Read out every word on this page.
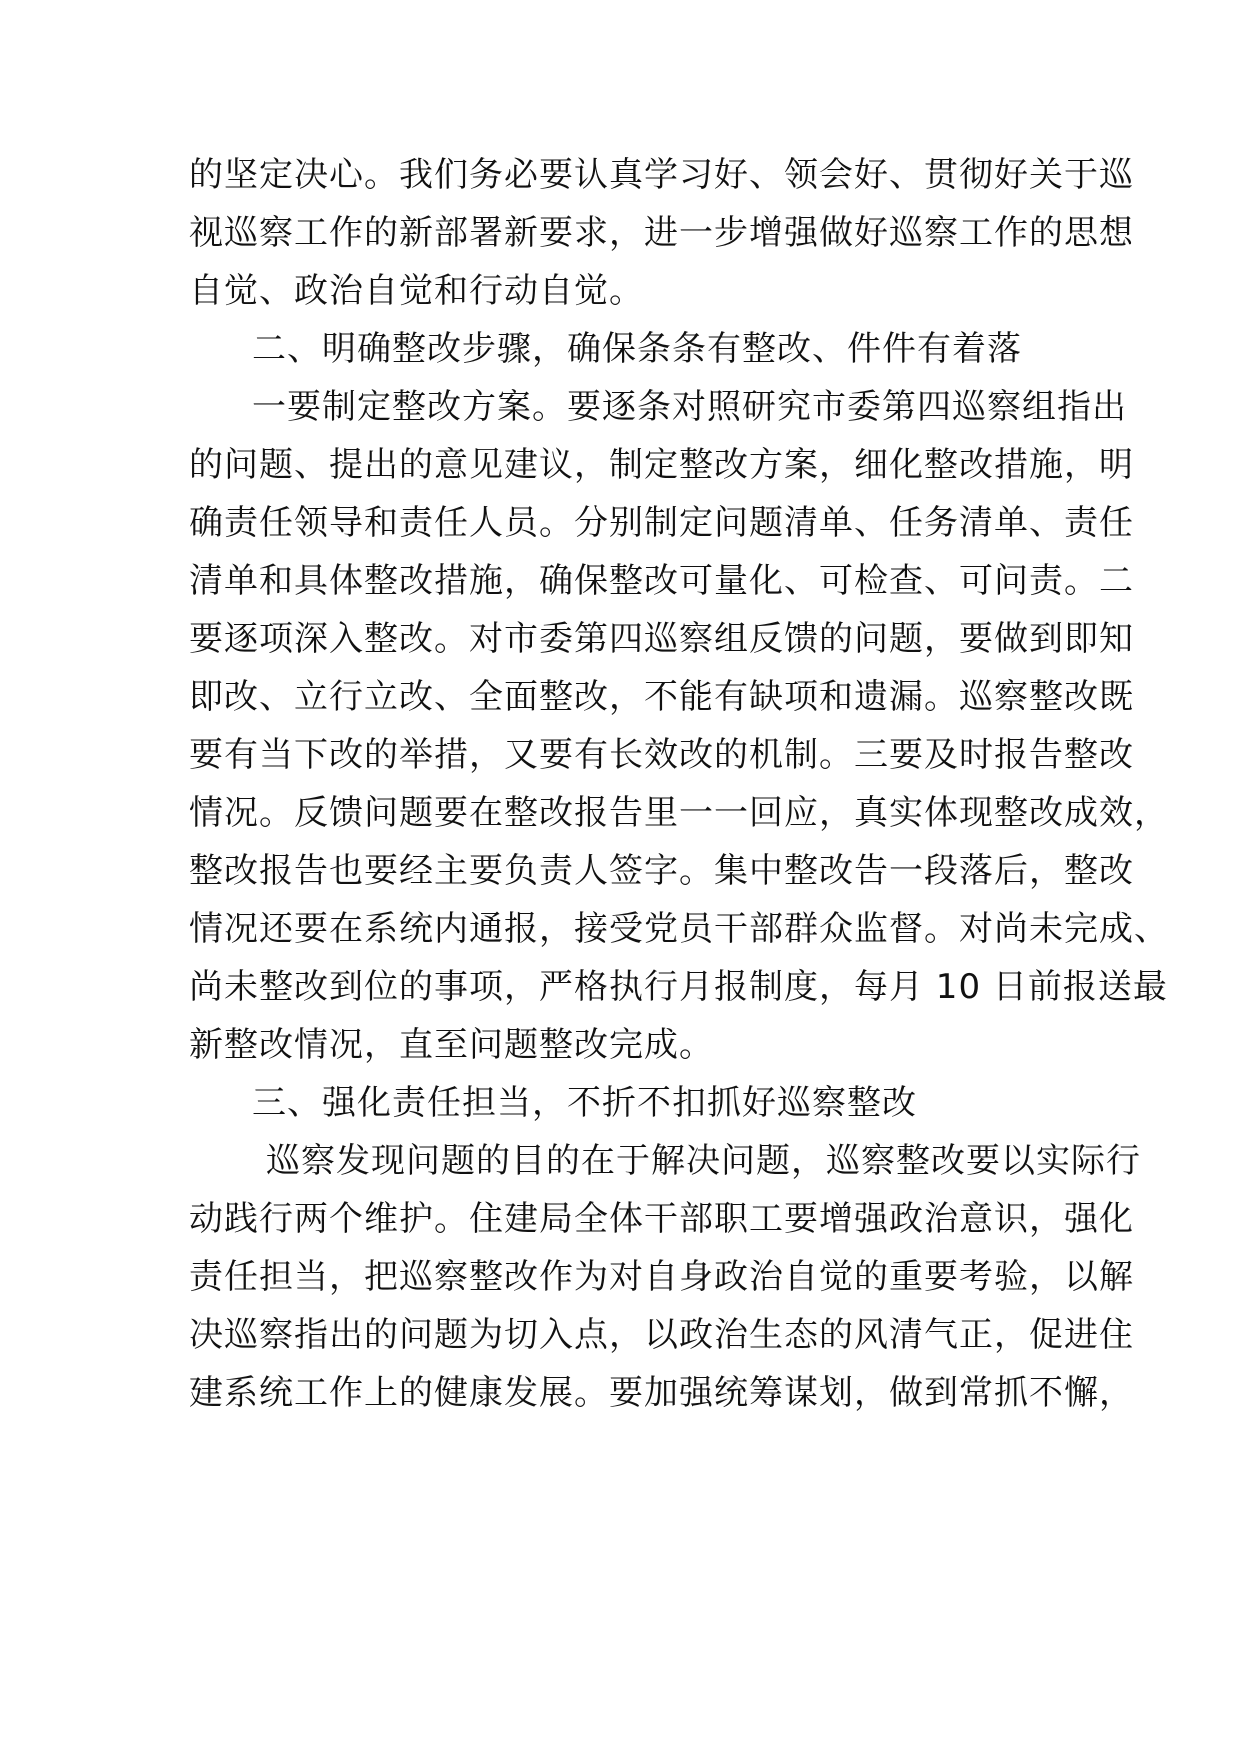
的坚定决心。我们务必要认真学习好、领会好、贯彻好关于巡

视巡察工作的新部署新要求，进一步增强做好巡察工作的思想

自觉、政治自觉和行动自觉。

二、明确整改步骤，确保条条有整改、件件有着落

一要制定整改方案。要逐条对照研究市委第四巡察组指出

的问题、提出的意见建议，制定整改方案，细化整改措施，明

确责任领导和责任人员。分别制定问题清单、任务清单、责任

清单和具体整改措施，确保整改可量化、可检查、可问责。二

要逐项深入整改。对市委第四巡察组反馈的问题，要做到即知

即改、立行立改、全面整改，不能有缺项和遗漏。巡察整改既

要有当下改的举措，又要有长效改的机制。三要及时报告整改

情况。反馈问题要在整改报告里一一回应，真实体现整改成效，

整改报告也要经主要负责人签字。集中整改告一段落后，整改

情况还要在系统内通报，接受党员干部群众监督。对尚未完成、

尚未整改到位的事项，严格执行月报制度，每月 10 日前报送最

新整改情况，直至问题整改完成。

三、强化责任担当，不折不扣抓好巡察整改

巡察发现问题的目的在于解决问题，巡察整改要以实际行

动践行两个维护。住建局全体干部职工要增强政治意识，强化

责任担当，把巡察整改作为对自身政治自觉的重要考验，以解

决巡察指出的问题为切入点，以政治生态的风清气正，促进住

建系统工作上的健康发展。要加强统筹谋划，做到常抓不懈，
